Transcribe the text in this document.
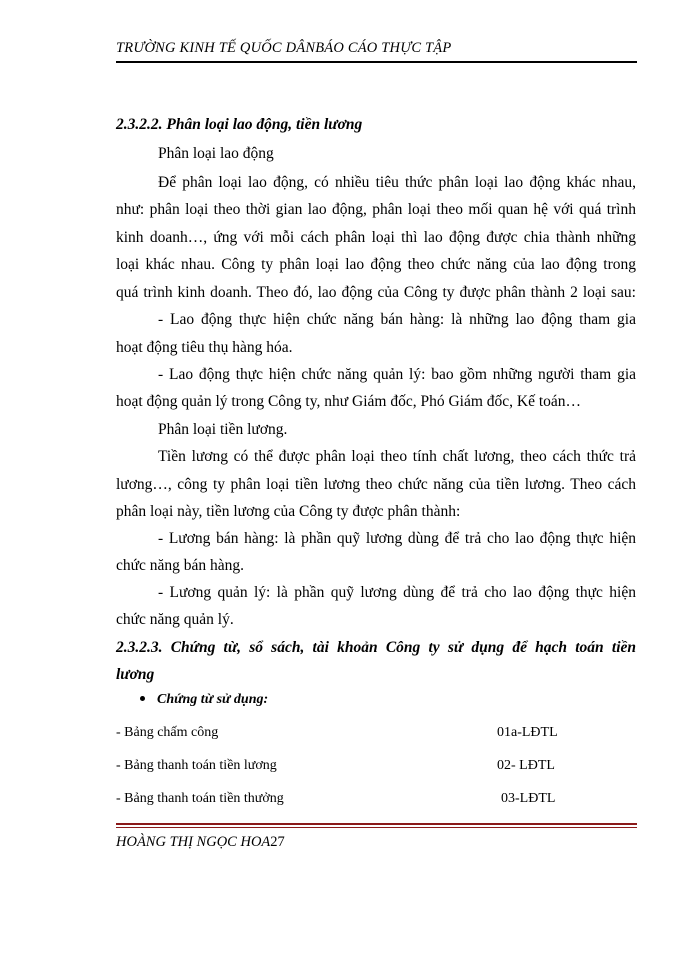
TRƯỜNG KINH TẾ QUỐC DÂNBÁO CÁO THỰC TẬP
2.3.2.2. Phân loại lao động, tiền lương
Phân loại lao động
Để phân loại lao động, có nhiều tiêu thức phân loại lao động khác nhau,
như: phân loại theo thời gian lao động, phân loại theo mối quan hệ với quá trình
kinh doanh…, ứng với mỗi cách phân loại thì lao động được chia thành những
loại khác nhau. Công ty phân loại lao động theo chức năng của lao động trong
quá trình kinh doanh. Theo đó, lao động của Công ty được phân thành 2 loại sau:
- Lao động thực hiện chức năng bán hàng: là những lao động tham gia
hoạt động tiêu thụ hàng hóa.
- Lao động thực hiện chức năng quản lý: bao gồm những người tham gia
hoạt động quản lý trong Công ty, như Giám đốc, Phó Giám đốc, Kế toán…
Phân loại tiền lương.
Tiền lương có thể được phân loại theo tính chất lương, theo cách thức trả
lương…, công ty phân loại tiền lương theo chức năng của tiền lương. Theo cách
phân loại này, tiền lương của Công ty được phân thành:
- Lương bán hàng: là phần quỹ lương dùng để trả cho lao động thực hiện
chức năng bán hàng.
- Lương quản lý: là phần quỹ lương dùng để trả cho lao động thực hiện
chức năng quản lý.
2.3.2.3. Chứng từ, sổ sách, tài khoản Công ty sử dụng để hạch toán tiền
lương
Chứng từ sử dụng:
- Bảng chấm công	01a-LĐTL
- Bảng thanh toán tiền lương	02- LĐTL
- Bảng thanh toán tiền thưởng	03-LĐTL
HOÀNG THỊ NGỌC HOA27
